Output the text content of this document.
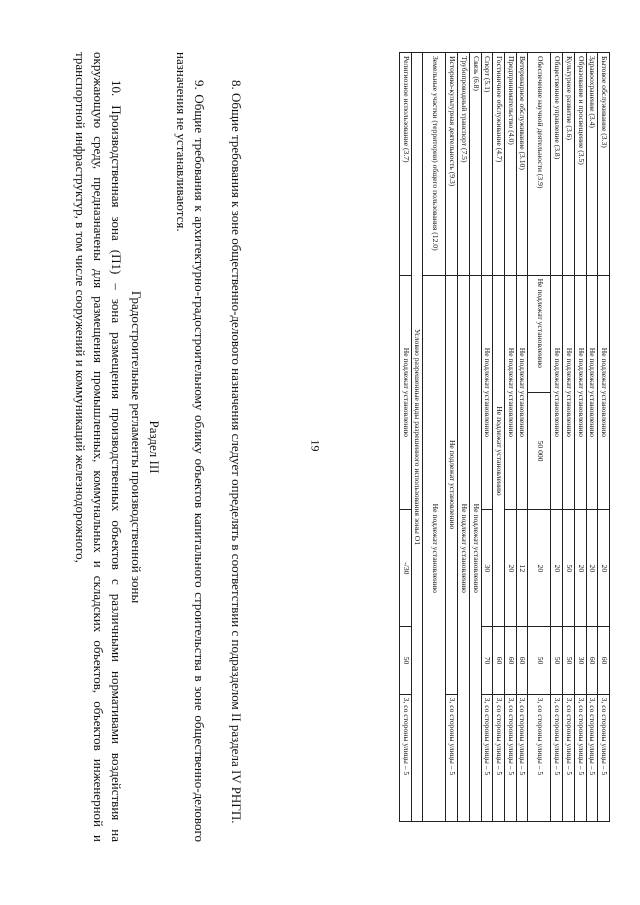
19
Бытовое обслуживание (3.3)	Не подлежат установлению		20	60	3, со стороны улицы – 5
Здравоохранение (3.4)	Не подлежат установлению		20	60	3, со стороны улицы – 5
Образование и просвещение (3.5)	Не подлежат установлению		20	30	3, со стороны улицы – 5
Культурное развитие (3.6)	Не подлежат установлению		50	50	3, со стороны улицы – 5
Общественное управление (3.8)	Не подлежат установлению		20	50	3, со стороны улицы – 5
Обеспечение научной деятельности (3.9)	Не подлежат установлению	50 000	20	50	3, со стороны улицы – 5
Ветеринарное обслуживание (3.10)	Не подлежат установлению		12	60	3, со стороны улицы – 5
Предпринимательство (4.0)	Не подлежат установлению		20	60	3, со стороны улицы – 5
Гостиничное обслуживание (4.7)	Не подлежат установлению			60	3, со стороны улицы – 5
Спорт (5.1)	Не подлежат установлению		30	70	3, со стороны улицы – 5
Связь (6.8)	Не подлежат установлению				
Трубопроводный транспорт (7.5)	Не подлежат установлению				
Историко-культурная деятельность (9.3)	Не подлежат установлению				3, со стороны улицы – 5
Земельные участки (территории) общего пользования (12.0)	Не подлежат установлению				
Условно разрешенные виды разрешенного использования зоны О1					
Религиозное использование (3.7)	Не подлежат установлению		-/30	50	3, со стороны улицы – 5
8. Общие требования к зоне общественно-делового назначения следует определять в соответствии с подразделом II раздела IV РНГП.
9. Общие требования к архитектурно-градостроительному облику объектов капитального строительства в зоне общественно-делового назначения не устанавливаются.
Раздел III
Градостроительные регламенты производственной зоны
10. Производственная зона (П1) – зона размещения производственных объектов с различными нормативами воздействия на окружающую среду, предназначены для размещения промышленных, коммунальных и складских объектов, объектов инженерной и транспортной инфраструктур, в том числе сооружений и коммуникаций железнодорожного,
